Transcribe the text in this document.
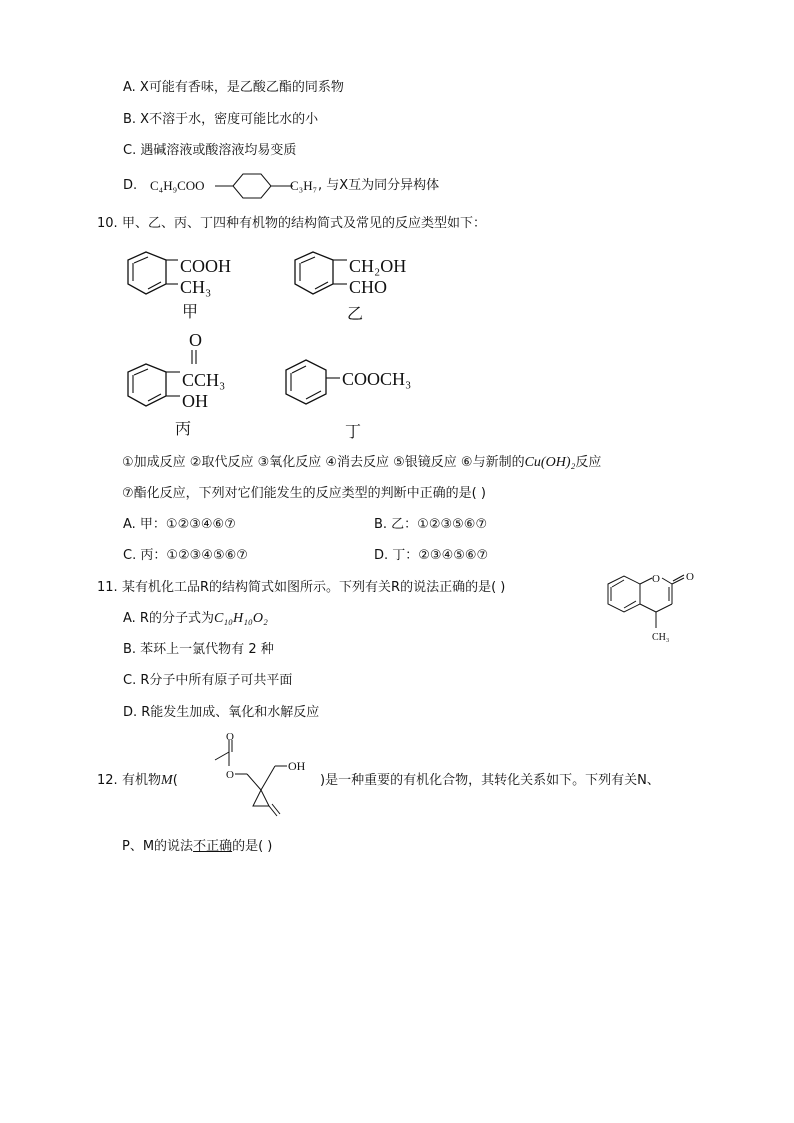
A. X可能有香味，是乙酸乙酯的同系物
B. X不溶于水，密度可能比水的小
C. 遇碱溶液或酸溶液均易变质
D. C₄H₉COO	C₃H₇ , 与X互为同分异构体
10. 甲、乙、丙、丁四种有机物的结构简式及常见的反应类型如下：
COOH
CH₃
甲
CH₂OH
CHO
乙
O
CCH₃
OH
丙
COOCH₃
丁
①加成反应 ②取代反应 ③氧化反应 ④消去反应 ⑤银镜反应 ⑥与新制的Cu(OH)₂反应
⑦酯化反应，下列对它们能发生的反应类型的判断中正确的是( )
A. 甲：①②③④⑥⑦	B. 乙：①②③⑤⑥⑦
C. 丙：①②③④⑤⑥⑦	D. 丁：②③④⑤⑥⑦
11. 某有机化工品R的结构简式如图所示。下列有关R的说法正确的是( )
A. R的分子式为C₁₀H₁₀O₂
B. 苯环上一氯代物有 2 种
C. R分子中所有原子可共平面
D. R能发生加成、氧化和水解反应
O O
CH₃
12. 有机物M(
O
O
OH
)是一种重要的有机化合物，其转化关系如下。下列有关N、
P、M的说法不正确的是( )
